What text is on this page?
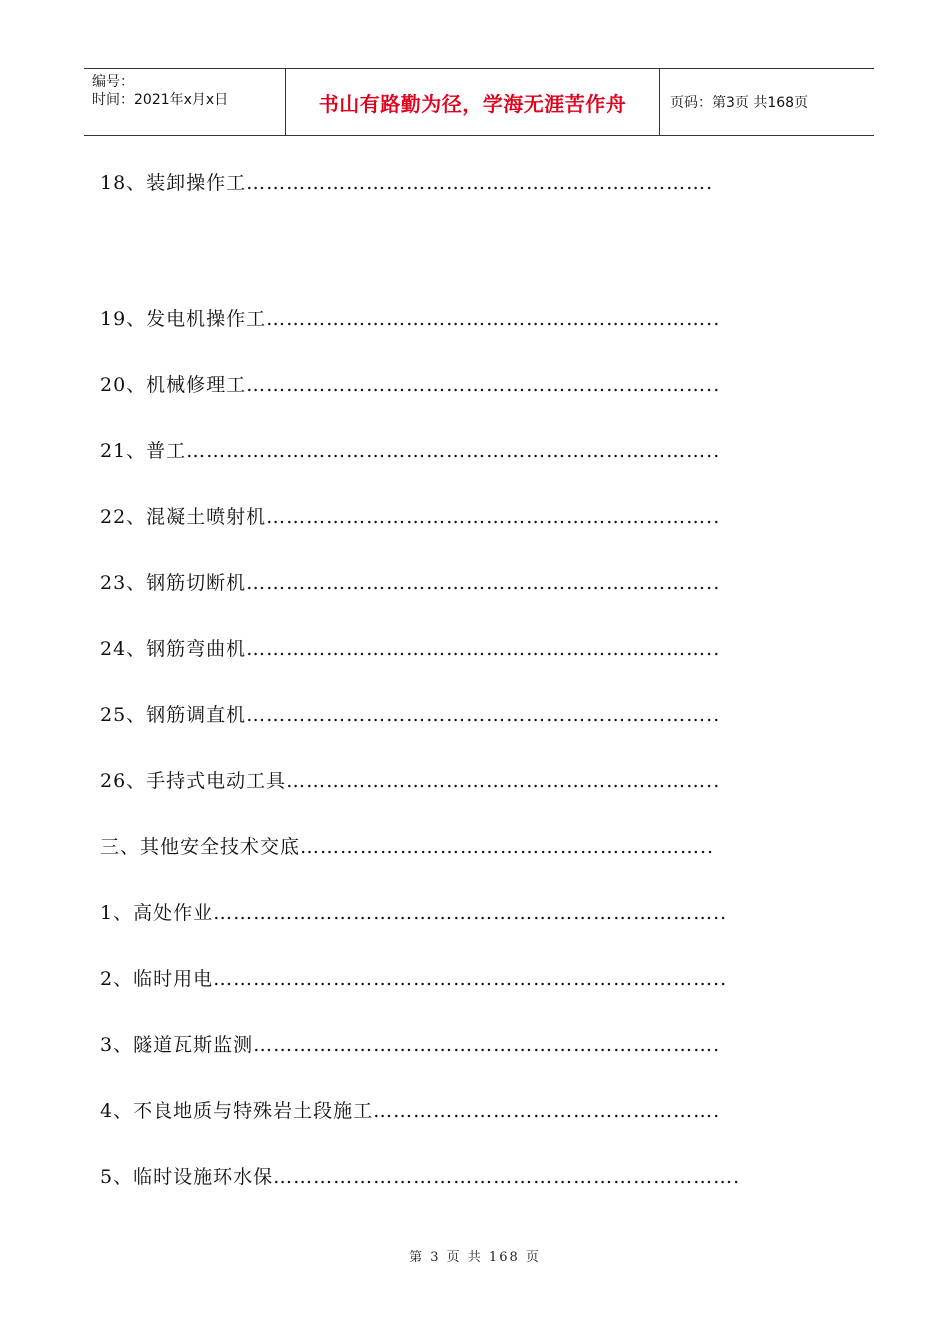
编号：
时间：2021年x月x日	书山有路勤为径，学海无涯苦作舟	页码：第3页 共168页
18、装卸操作工…………………………………………………………….
19、发电机操作工…………………………………………………………..
20、机械修理工……………………………………………………………..
21、普工……………………………………………………………………..
22、混凝土喷射机…………………………………………………………..
23、钢筋切断机……………………………………………………………..
24、钢筋弯曲机……………………………………………………………..
25、钢筋调直机……………………………………………………………..
26、手持式电动工具………………………………………………………..
三、其他安全技术交底……………………………………………………..
1、高处作业…………………………………………………………………..
2、临时用电…………………………………………………………………..
3、隧道瓦斯监测…………………………………………………………….
4、不良地质与特殊岩土段施工…………………………………………….
5、临时设施环水保…………………………………………………………….
第 3 页 共 168 页
